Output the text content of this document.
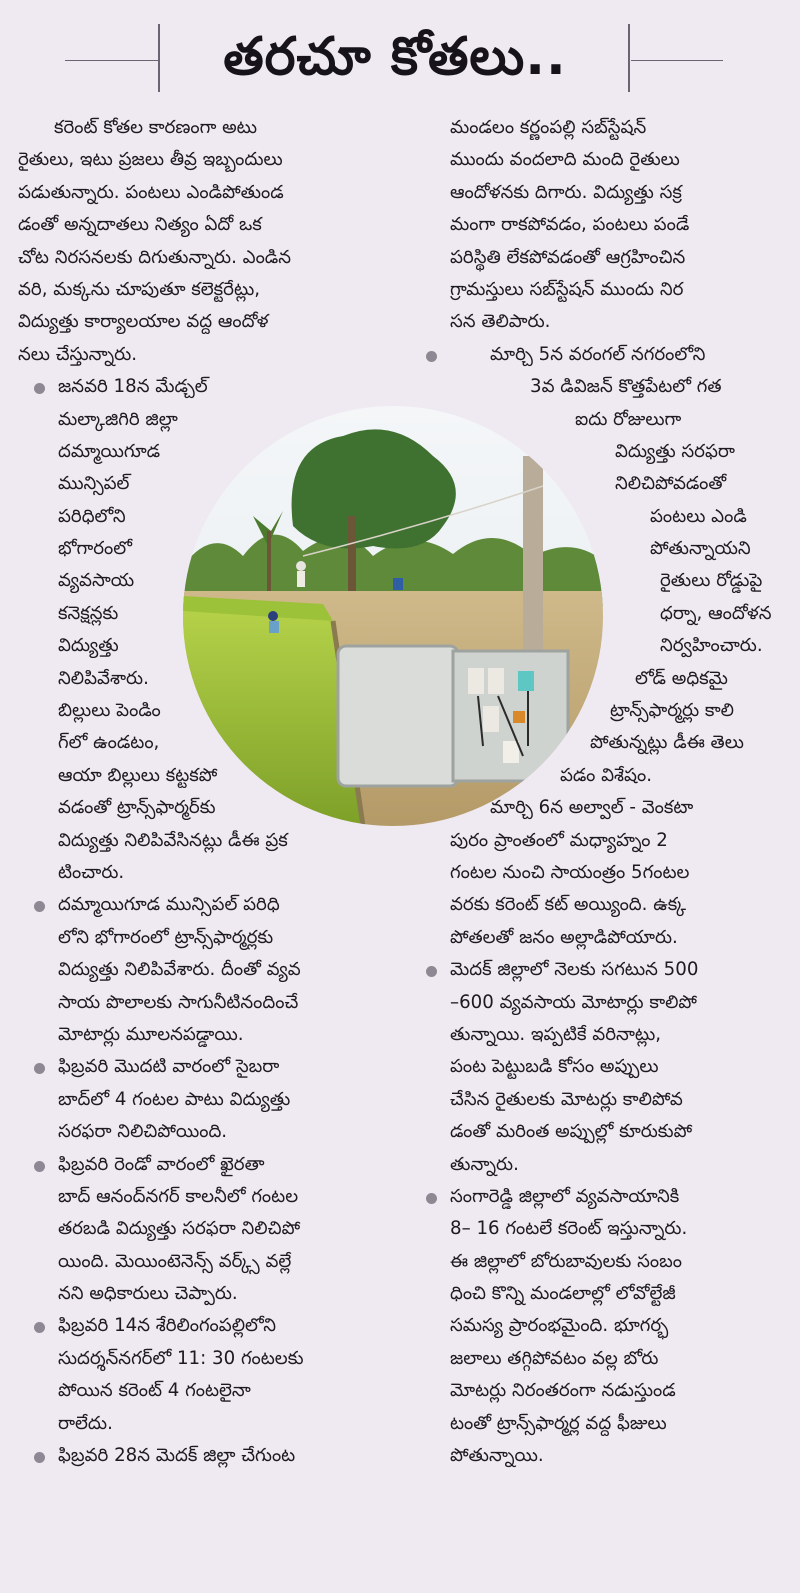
తరచూ కోతలు..
కరెంట్ కోతల కారణంగా అటు
రైతులు, ఇటు ప్రజలు తీవ్ర ఇబ్బందులు
పడుతున్నారు. పంటలు ఎండిపోతుండ
డంతో అన్నదాతలు నిత్యం ఏదో ఒక
చోట నిరసనలకు దిగుతున్నారు. ఎండిన
వరి, మక్కను చూపుతూ కలెక్టరేట్లు,
విద్యుత్తు కార్యాలయాల వద్ద ఆందోళ
నలు చేస్తున్నారు.
జనవరి 18న మేడ్చల్
మల్కాజిగిరి జిల్లా
దమ్మాయిగూడ
మున్సిపల్
పరిధిలోని
భోగారంలో
వ్యవసాయ
కనెక్షన్లకు
విద్యుత్తు
నిలిపివేశారు.
బిల్లులు పెండిం
గ్‌లో ఉండటం,
ఆయా బిల్లులు కట్టకపో
వడంతో ట్రాన్స్‌ఫార్మర్‌కు
విద్యుత్తు నిలిపివేసినట్లు డీఈ ప్రక
టించారు.
దమ్మాయిగూడ మున్సిపల్ పరిధి
లోని భోగారంలో ట్రాన్స్‌ఫార్మర్లకు
విద్యుత్తు నిలిపివేశారు. దీంతో వ్యవ
సాయ పొలాలకు సాగునీటినందించే
మోటార్లు మూలనపడ్డాయి.
ఫిబ్రవరి మొదటి వారంలో సైబరా
బాద్‌లో 4 గంటల పాటు విద్యుత్తు
సరఫరా నిలిచిపోయింది.
ఫిబ్రవరి రెండో వారంలో ఖైరతా
బాద్ ఆనంద్‌నగర్ కాలనీలో గంటల
తరబడి విద్యుత్తు సరఫరా నిలిచిపో
యింది. మెయింటెనెన్స్ వర్క్స్ వల్లే
నని అధికారులు చెప్పారు.
ఫిబ్రవరి 14న శేరిలింగంపల్లిలోని
సుదర్శన్‌నగర్‌లో 11: 30 గంటలకు
పోయిన కరెంట్ 4 గంటలైనా
రాలేదు.
ఫిబ్రవరి 28న మెదక్ జిల్లా చేగుంట
మండలం కర్ణంపల్లి సబ్‌స్టేషన్
ముందు వందలాది మంది రైతులు
ఆందోళనకు దిగారు. విద్యుత్తు సక్ర
మంగా రాకపోవడం, పంటలు పండే
పరిస్థితి లేకపోవడంతో ఆగ్రహించిన
గ్రామస్తులు సబ్‌స్టేషన్ ముందు నిర
సన తెలిపారు.
మార్చి 5న వరంగల్ నగరంలోని
3వ డివిజన్ కొత్తపేటలో గత
ఐదు రోజులుగా
విద్యుత్తు సరఫరా
నిలిచిపోవడంతో
పంటలు ఎండి
పోతున్నాయని
రైతులు రోడ్డుపై
ధర్నా, ఆందోళన
నిర్వహించారు.
లోడ్ అధికమై
ట్రాన్స్‌ఫార్మర్లు కాలి
పోతున్నట్లు డీఈ తెలు
పడం విశేషం.
మార్చి 6న అల్వాల్ - వెంకటా
పురం ప్రాంతంలో మధ్యాహ్నం 2
గంటల నుంచి సాయంత్రం 5గంటల
వరకు కరెంట్ కట్ అయ్యింది. ఉక్క
పోతలతో జనం అల్లాడిపోయారు.
మెదక్ జిల్లాలో నెలకు సగటున 500
–600 వ్యవసాయ మోటార్లు కాలిపో
తున్నాయి. ఇప్పటికే వరినాట్లు,
పంట పెట్టుబడి కోసం అప్పులు
చేసిన రైతులకు మోటర్లు కాలిపోవ
డంతో మరింత అప్పుల్లో కూరుకుపో
తున్నారు.
సంగారెడ్డి జిల్లాలో వ్యవసాయానికి
8– 16 గంటలే కరెంట్ ఇస్తున్నారు.
ఈ జిల్లాలో బోరుబావులకు సంబం
ధించి కొన్ని మండలాల్లో లోవోల్టేజీ
సమస్య ప్రారంభమైంది. భూగర్భ
జలాలు తగ్గిపోవటం వల్ల బోరు
మోటర్లు నిరంతరంగా నడుస్తుండ
టంతో ట్రాన్స్‌ఫార్మర్ల వద్ద ఫీజులు
పోతున్నాయి.
